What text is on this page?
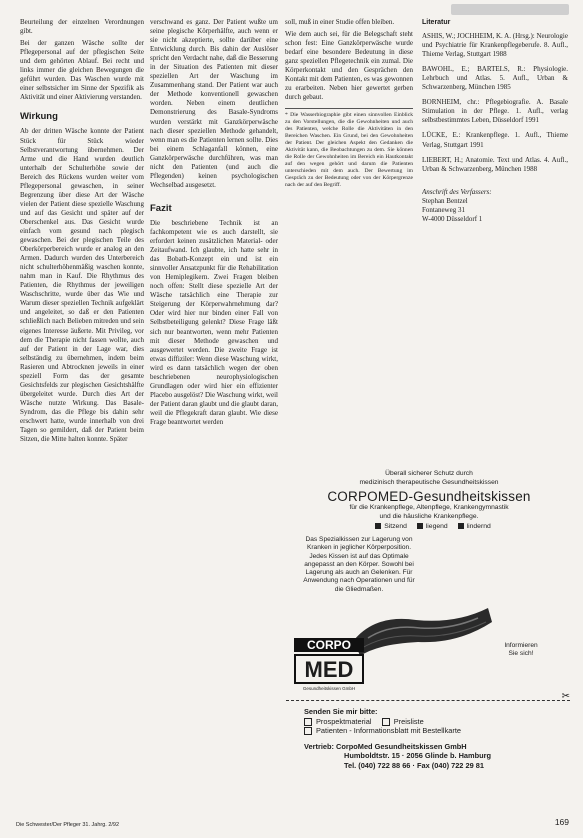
Beurteilung der einzelnen Verordnungen gibt.

Bei der ganzen Wäsche sollte der Pflegepersonal auf der pflegischen Seite und dem gehörten Ablauf. Bei recht und links immer die gleichen Bewegungen die geführt wurden. Das Waschen wurde mit einer selbstsicher im Sinne der Spezifik als Aktivität und einer Aktivierung verstanden.

Wirkung

Ab der dritten Wäsche konnte der Patient Stück für Stück wieder Selbstverantwortung übernehmen. Der Arme und die Hand wurden deutlich unterhalb der Schulterhöhe sowie der Bereich des Rückens wurden weiter vom Pflegepersonal gewaschen, in seiner Begrenzung über diese Art der Wäsche vielen der Patient diese spezielle Waschung und auf das Gesicht und später auf der Oberschenkel aus. Das Gesicht wurde einfach vom gesund nach plegisch gewaschen. Bei der plegischen Teile des Oberkörperbereich wurde er analog an den Armen. Dadurch wurden des Unterbereich nicht schulterhöhenmäßig waschen konnte, nahm man in Kauf. Die Rhythmus des Patienten, die Rhythmus der jeweiligen Waschschritte, wurde über das Wie und Warum dieser speziellen Technik aufgeklärt und angeleitet, so daß er den Patienten schließlich nach Belieben mitreden und sein eigenes Interesse äußerte. Mit Privileg, vor dem die Therapie nicht fassen wollte, auch auf der Patient in der Lage war, dies selbständig zu übernehmen, indem beim Rasieren und Abtrocknen jeweils in einer speziell Form das der gesamte Gesichtsfelds zur plegischen Gesichtshälfte übergeleitet wurde. Durch dies Art der Wäsche nutzte Wirkung. Das Basale-Syndrom, das die Pflege bis dahin sehr erschwert hatte, wurde innerhalb von drei Tagen so gemildert, daß der Patient beim Sitzen, die Mitte halten konnte. Später

verschwand es ganz. Der Patient wußte um seine plegische Körperhälfte, auch wenn er sie nicht akzeptierte, sollte darüber eine Entwicklung durch. Bis dahin der Auslöser spricht den Verdacht nahe, daß die Besserung in der Situation des Patienten mit dieser speziellen Art der Waschung im Zusammenhang stand. Der Patient war auch der Methode konventionell gewaschen worden. Neben einem deutlichen Demonstrierung des Basale-Syndroms wurden verstärkt mit Ganzkörperwäsche nach dieser speziellen Methode gehandelt, wenn man es die Patienten lernen sollte. Dies bei einem Schlaganfall können, eine Ganzkörperwäsche durchführen, was man nicht den Patienten (und auch die Pflegenden) keinen psychologischen Wechselbad ausgesetzt.

Fazit

Die beschriebene Technik ist an fachkompetent wie es auch darstellt, sie erfordert keinen zusätzlichen Material- oder Zeitaufwand. Ich glaubte, ich hatte sehr in das Bobath-Konzept ein und ist ein sinnvoller Ansatzpunkt für die Rehabilitation von Hemiplegikern. Zwei Fragen bleiben noch offen: Stellt diese spezielle Art der Wäsche tatsächlich eine Therapie zur Steigerung der Körperwahrnehmung dar? Oder wird hier nur binden einer Fall von Selbstbeteiligung gelenkt? Diese Frage läßt sich nur beantworten, wenn mehr Patienten mit dieser Methode gewaschen und ausgewertet werden. Die zweite Frage ist etwas diffiziler: Wenn diese Waschung wirkt, wird es dann tatsächlich wegen der oben beschriebenen neurophysiologischen Grundlagen oder wird hier ein effizienter Placebo ausgelöst? Die Waschung wirkt, weil der Patient daran glaubt und die glaubt daran, weil die Pflegekraft daran glaubt. Wie diese Frage beantwortet werden

soll, muß in einer Studie offen bleiben.

Wie dem auch sei, für die Belegschaft steht schon fest: Eine Ganzkörperwäsche wurde bedarf eine besondere Bedeutung in diese ganz speziellen Pflegetechnik ein zumal. Die Körperkontakt und den Gesprächen den Kontakt mit dem Patienten, es was gewonnen zu erarbeiten. Neben hier gewertet gerben durch gebaut.

* Die Wasserbiographie gibt einen sinnvollen Einblick zu den Vorstellungen, die die Gewohnheiten und auch des Patienten, welche Rolle die Aktivitäten in den Bereichen Waschen. Ein Grund, bei den Gewohnheiten der Patient. Der gleichen Aspekt den Gedanken die Aktivität kann, die Beobachtungen zu dem. Sie können die Rolle der Gewohnheiten im Bereich ein Hautkontakt auf den wegen gehört und darum die Patienten unterschieden mit dem auch. Der Bewertung im Gespräch zu der Bedeutung oder von der Körpergrenze nach der auf den Begriff.
Literatur

ASHIS, W.; JOCHHEIM, K. A. (Hrsg.): Neurologie und Psychiatrie für Krankenpflegeberufe. 8. Aufl., Thieme Verlag, Stuttgart 1988

BAWOHL, E.; BARTELS, R.: Physiologie. Lehrbuch und Atlas. 5. Aufl., Urban & Schwarzenberg, München 1985

BORNHEIM, chr.: Pflegebiografie. A. Basale Stimulation in der Pflege. 1. Aufl., verlag selbstbestimmtes Leben, Düsseldorf 1991

LÜCKE, E.: Krankenpflege. 1. Aufl., Thieme Verlag, Stuttgart 1991

LIEBERT, H.; Anatomie. Text und Atlas. 4. Aufl., Urban & Schwarzenberg, München 1988

Anschrift des Verfassers:
Stephan Bentzel
Fontaneweg 31
W-4000 Düsseldorf 1
Überall sicherer Schutz durch
medizinisch therapeutische Gesundheitskissen
CORPOMED-Gesundheitskissen
für die Krankenpflege, Altenpflege, Krankengymnastik
und die häusliche Krankenpflege.
Sitzend	liegend	lindernd
Das Spezialkissen zur Lagerung von Kranken in jeglicher Körperposition. Jedes Kissen ist auf das Optimale angepasst an den Körper. Sowohl bei Lagerung als auch an Gelenken. Für Anwendung nach Operationen und für die Gliedmaßen.
Informieren
Sie sich!
CORPO
MED
Gesundheitskissen GmbH
✂
Senden Sie mir bitte:
Prospektmaterial	Preisliste
Patienten - Informationsblatt mit Bestellkarte
Vertrieb: CorpoMed Gesundheitskissen GmbH
Humboldtstr. 15 · 2056 Glinde b. Hamburg
Tel. (040) 722 88 66 · Fax (040) 722 29 81
Die Schwester/Der Pfleger 31. Jahrg. 2/92	169
